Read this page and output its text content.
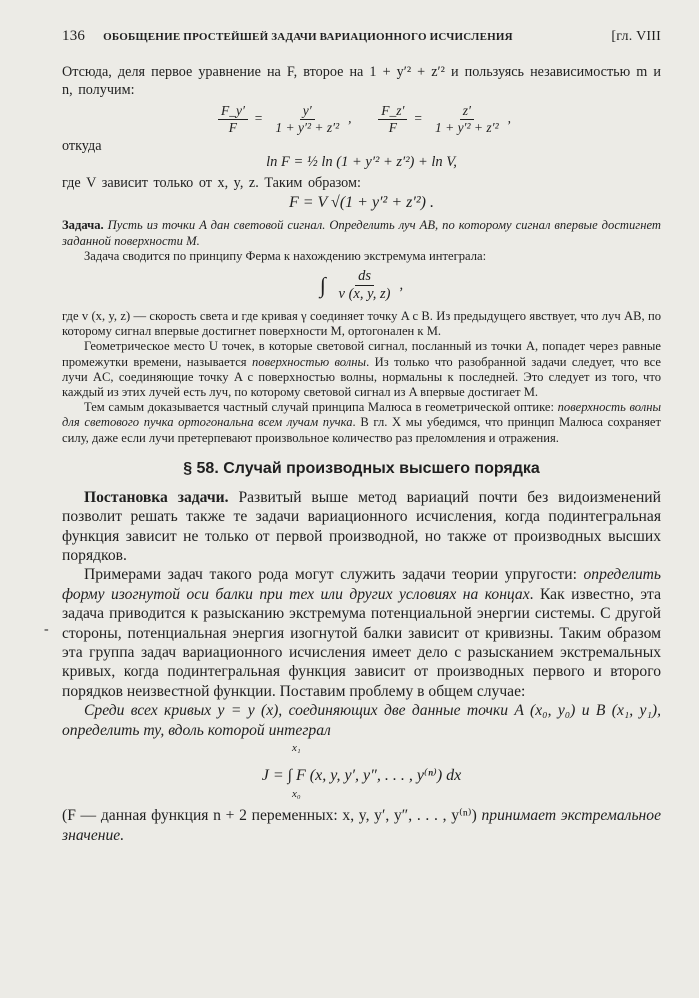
136 ОБОБЩЕНИЕ ПРОСТЕЙШЕЙ ЗАДАЧИ ВАРИАЦИОННОГО ИСЧИСЛЕНИЯ	[гл. VIII

Отсюда, деля первое уравнение на F, второе на 1 + y′² + z′² и пользуясь независимостью m и n, получим:

$\frac{F\_y'}{F} = \frac{y'}{\text{1 + y′² + z′²}}$ , $\frac{F\_z'}{F} = \frac{z'}{\text{1 + y′² + z′²}}$ ,

откуда

ln F = ½ ln (1 + y′² + z′²) + ln V,

где V зависит только от x, y, z. Таким образом:

F = V √(1 + y′² + z′²) .

Задача. Пусть из точки A дан световой сигнал. Определить луч AB, по которому сигнал впервые достигнет заданной поверхности M.

Задача сводится по принципу Ферма к нахождению экстремума интеграла:

∫ $\frac{ds}{v (x, y, z)}$ ,

где v (x, y, z) — скорость света и где кривая γ соединяет точку A с B. Из предыдущего явствует, что луч AB, по которому сигнал впервые достигнет поверхности M, ортогонален к M.

Геометрическое место U точек, в которые световой сигнал, посланный из точки A, попадет через равные промежутки времени, называется поверхностью волны. Из только что разобранной задачи следует, что все лучи AC, соединяющие точку A с поверхностью волны, нормальны к последней. Это следует из того, что каждый из этих лучей есть луч, по которому световой сигнал из A впервые достигает M.

Тем самым доказывается частный случай принципа Малюса в геометрической оптике: поверхность волны для светового пучка ортогональна всем лучам пучка. В гл. X мы убедимся, что принцип Малюса сохраняет силу, даже если лучи претерпевают произвольное количество раз преломления и отражения.

§ 58. Случай производных высшего порядка

Постановка задачи. Развитый выше метод вариаций почти без видоизменений позволит решать также те задачи вариационного исчисления, когда подинтегральная функция зависит не только от первой производной, но также от производных высших порядков.

-

Примерами задач такого рода могут служить задачи теории упругости: определить форму изогнутой оси балки при тех или других условиях на концах. Как известно, эта задача приводится к разысканию экстремума потенциальной энергии системы. С другой стороны, потенциальная энергия изогнутой балки зависит от кривизны. Таким образом эта группа задач вариационного исчисления имеет дело с разысканием экстремальных кривых, когда подинтегральная функция зависит от производных первого и второго порядков неизвестной функции. Поставим проблему в общем случае:

Среди всех кривых y = y (x), соединяющих две данные точки A (x₀, y₀) и B (x₁, y₁), определить ту, вдоль которой интеграл

x₁
x₀
J = ∫ F (x, y, y′, y″, . . . , y⁽ⁿ⁾) dx

(F — данная функция n + 2 переменных: x, y, y′, y″, . . . , y⁽ⁿ⁾) принимает экстремальное значение.
